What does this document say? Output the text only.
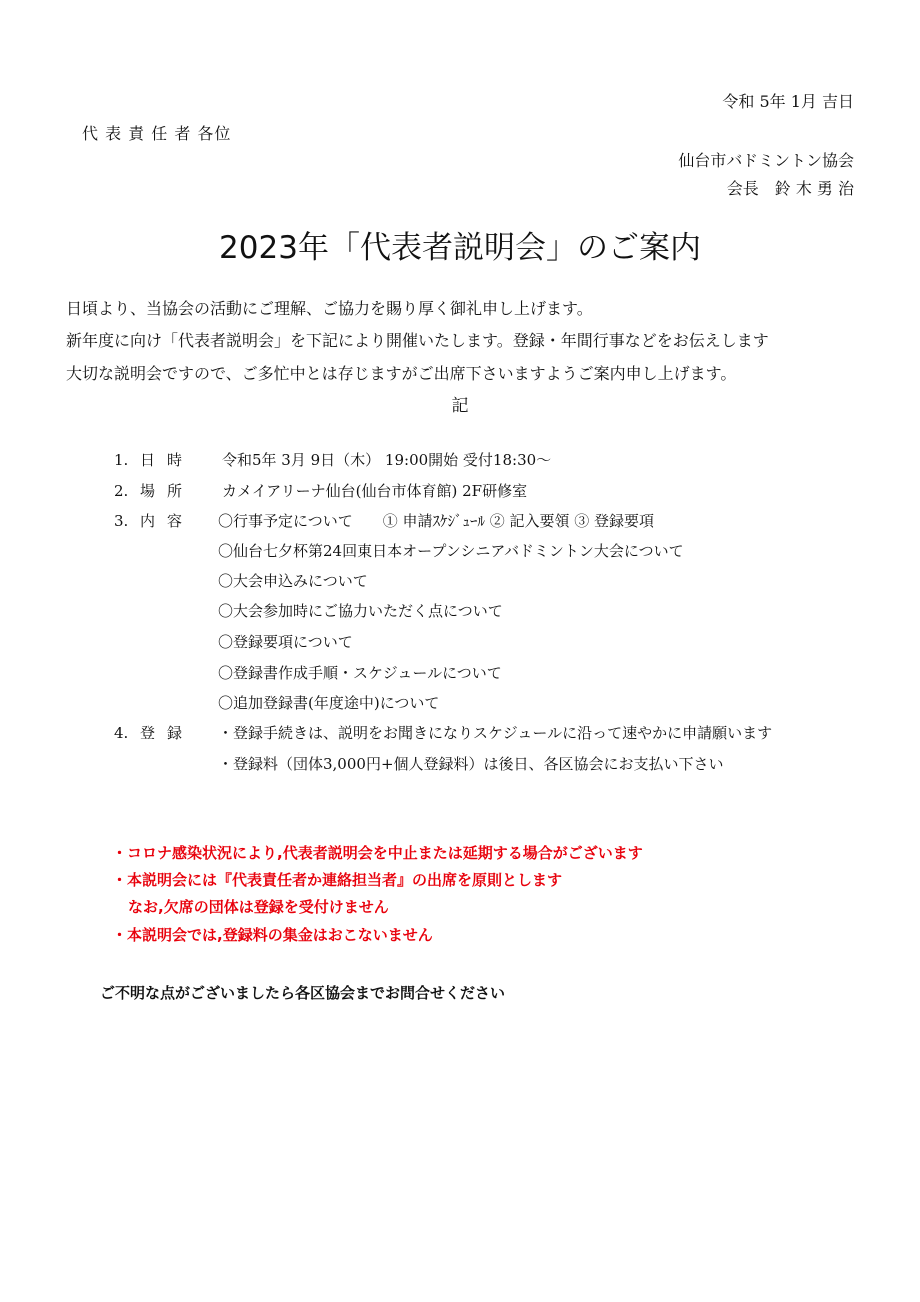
令和 5年 1月 吉日
代 表 責 任 者 各位
仙台市バドミントン協会
会長　鈴 木 勇 治
2023年「代表者説明会」のご案内
日頃より、当協会の活動にご理解、ご協力を賜り厚く御礼申し上げます。
新年度に向け「代表者説明会」を下記により開催いたします。登録・年間行事などをお伝えします
大切な説明会ですので、ご多忙中とは存じますがご出席下さいますようご案内申し上げます。
記
1. 日時 令和5年 3月 9日（木） 19:00開始 受付18:30～
2. 場所 カメイアリーナ仙台(仙台市体育館) 2F研修室
3. 内容 〇行事予定について　　① 申請ｽｹｼﾞｭｰﾙ ② 記入要領 ③ 登録要項
〇仙台七夕杯第24回東日本オープンシニアバドミントン大会について
〇大会申込みについて
〇大会参加時にご協力いただく点について
〇登録要項について
〇登録書作成手順・スケジュールについて
〇追加登録書(年度途中)について
4. 登録 ・登録手続きは、説明をお聞きになりスケジュールに沿って速やかに申請願います
・登録料（団体3,000円+個人登録料）は後日、各区協会にお支払い下さい
・コロナ感染状況により,代表者説明会を中止または延期する場合がございます
・本説明会には『代表責任者か連絡担当者』の出席を原則とします
なお,欠席の団体は登録を受付けません
・本説明会では,登録料の集金はおこないません
ご不明な点がございましたら各区協会までお問合せください
